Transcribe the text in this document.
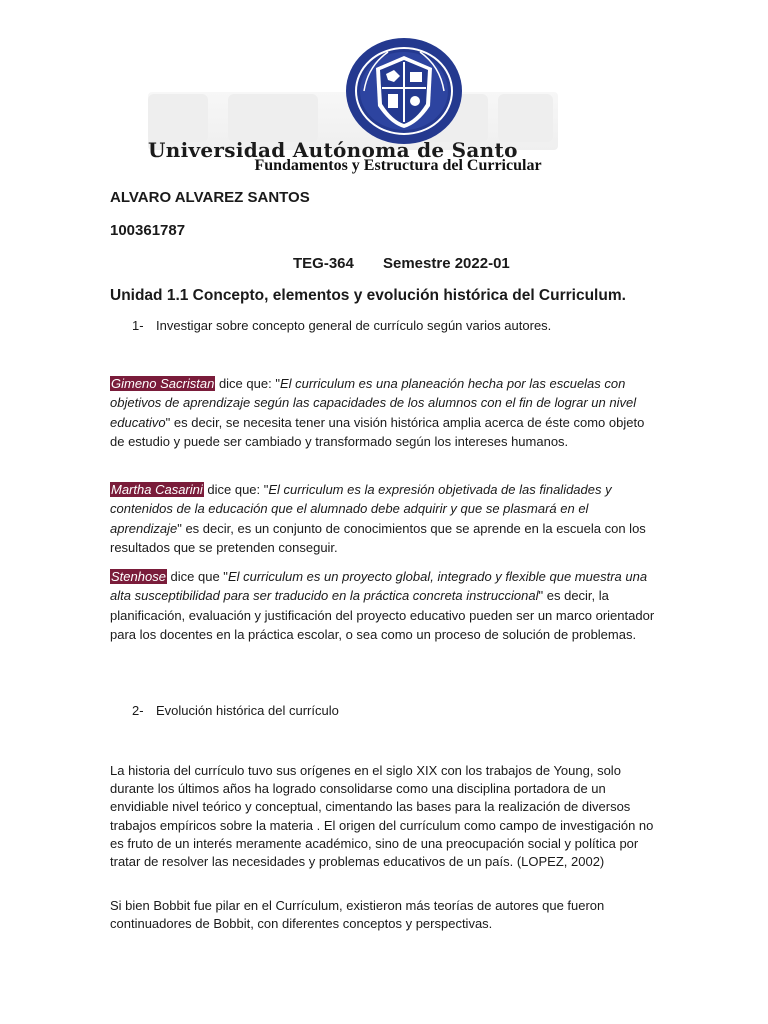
Universidad Autónoma de Santo
Fundamentos y Estructura del Curricular
ALVARO ALVAREZ SANTOS
100361787
TEG-364 Semestre 2022-01
Unidad 1.1 Concepto, elementos y evolución histórica del Curriculum.
1- Investigar sobre concepto general de currículo según varios autores.
Gimeno Sacristan dice que: "El curriculum es una planeación hecha por las escuelas con objetivos de aprendizaje según las capacidades de los alumnos con el fin de lograr un nivel educativo" es decir, se necesita tener una visión histórica amplia acerca de éste como objeto de estudio y puede ser cambiado y transformado según los intereses humanos.
Martha Casarini dice que: "El curriculum es la expresión objetivada de las finalidades y contenidos de la educación que el alumnado debe adquirir y que se plasmará en el aprendizaje" es decir, es un conjunto de conocimientos que se aprende en la escuela con los resultados que se pretenden conseguir.
Stenhose dice que "El curriculum es un proyecto global, integrado y flexible que muestra una alta susceptibilidad para ser traducido en la práctica concreta instruccional" es decir, la planificación, evaluación y justificación del proyecto educativo pueden ser un marco orientador para los docentes en la práctica escolar, o sea como un proceso de solución de problemas.
2- Evolución histórica del currículo
La historia del currículo tuvo sus orígenes en el siglo XIX con los trabajos de Young, solo durante los últimos años ha logrado consolidarse como una disciplina portadora de un envidiable nivel teórico y conceptual, cimentando las bases para la realización de diversos trabajos empíricos sobre la materia . El origen del currículum como campo de investigación no es fruto de un interés meramente académico, sino de una preocupación social y política por tratar de resolver las necesidades y problemas educativos de un país. (LOPEZ, 2002)
Si bien Bobbit fue pilar en el Currículum, existieron más teorías de autores que fueron continuadores de Bobbit, con diferentes conceptos y perspectivas.
